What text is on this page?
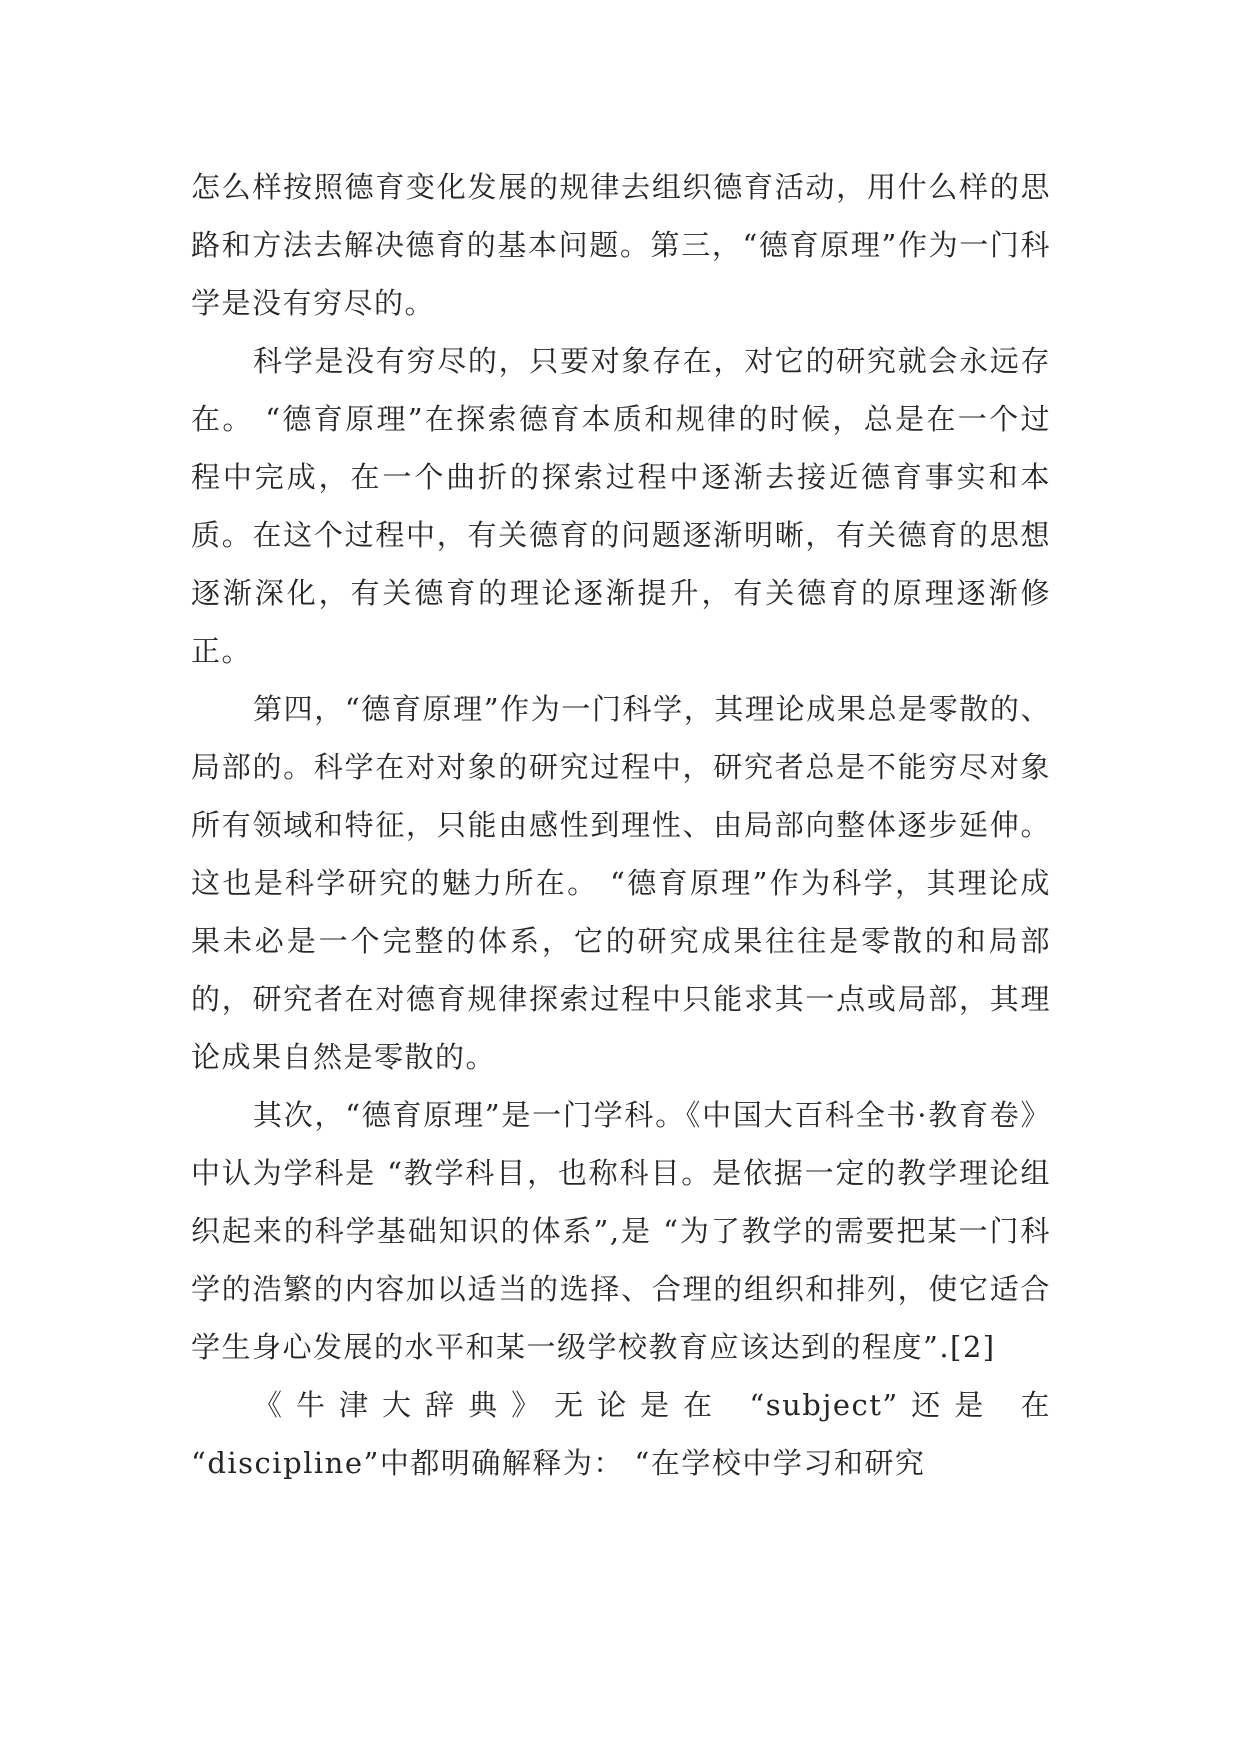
怎么样按照德育变化发展的规律去组织德育活动，用什么样的思路和方法去解决德育的基本问题。第三，“德育原理”作为一门科学是没有穷尽的。

科学是没有穷尽的，只要对象存在，对它的研究就会永远存在。 “德育原理”在探索德育本质和规律的时候，总是在一个过程中完成，在一个曲折的探索过程中逐渐去接近德育事实和本质。在这个过程中，有关德育的问题逐渐明晰，有关德育的思想逐渐深化，有关德育的理论逐渐提升，有关德育的原理逐渐修正。

第四，“德育原理”作为一门科学，其理论成果总是零散的、局部的。科学在对对象的研究过程中，研究者总是不能穷尽对象所有领域和特征，只能由感性到理性、由局部向整体逐步延伸。这也是科学研究的魅力所在。 “德育原理”作为科学，其理论成果未必是一个完整的体系，它的研究成果往往是零散的和局部的，研究者在对德育规律探索过程中只能求其一点或局部，其理论成果自然是零散的。

其次，“德育原理”是一门学科。《中国大百科全书·教育卷》中认为学科是 “教学科目，也称科目。是依据一定的教学理论组织起来的科学基础知识的体系”,是 “为了教学的需要把某一门科学的浩繁的内容加以适当的选择、合理的组织和排列，使它适合学生身心发展的水平和某一级学校教育应该达到的程度”.[2]

《牛津大辞典》无论是在 “subject”还是 在 “discipline”中都明确解释为： “在学校中学习和研究
